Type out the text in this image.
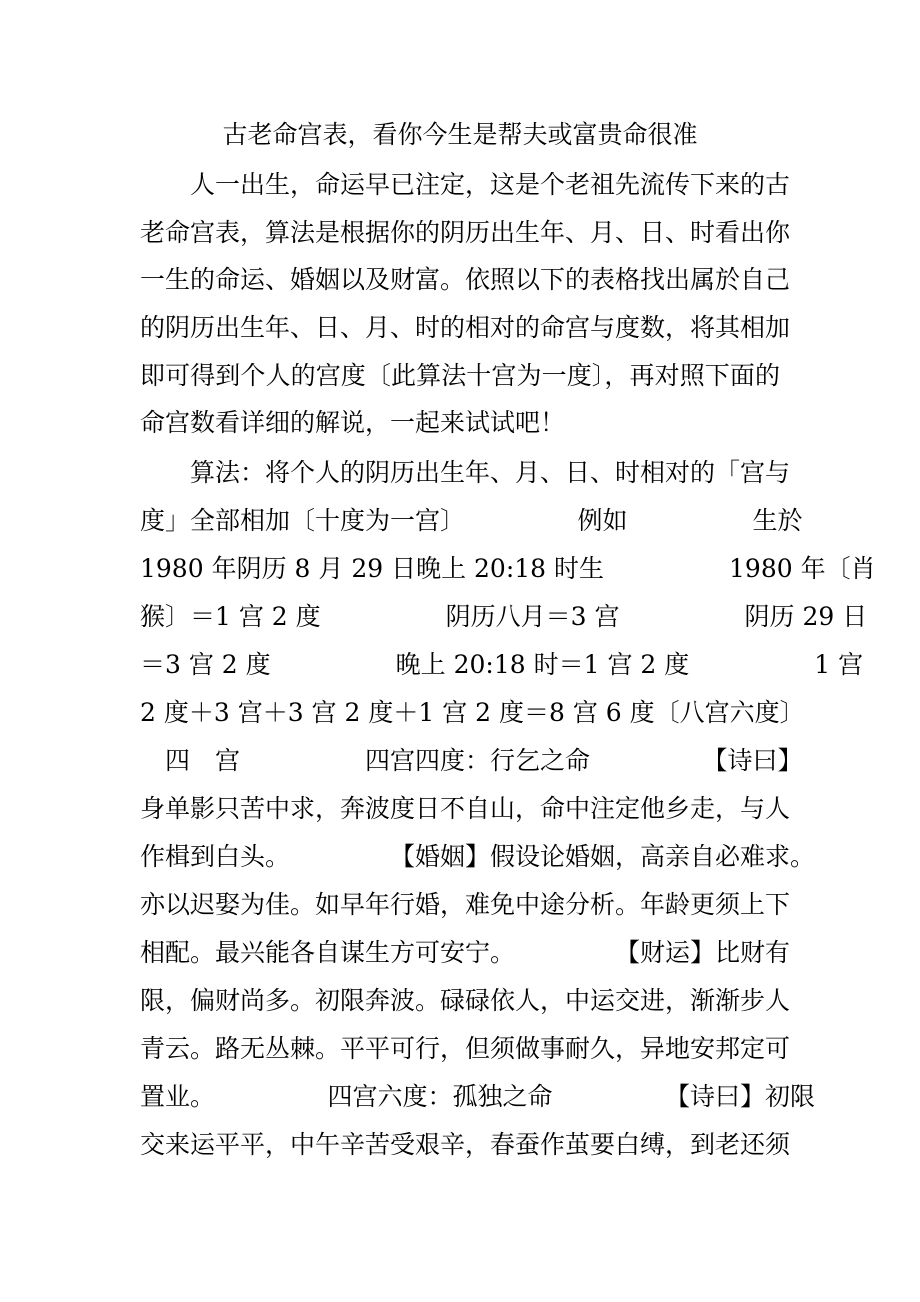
古老命宫表，看你今生是帮夫或富贵命很准
　　人一出生，命运早已注定，这是个老祖先流传下来的古
老命宫表，算法是根据你的阴历出生年、月、日、时看出你
一生的命运、婚姻以及财富。依照以下的表格找出属於自己
的阴历出生年、日、月、时的相对的命宫与度数，将其相加
即可得到个人的宫度〔此算法十宫为一度〕，再对照下面的
命宫数看详细的解说，一起来试试吧！
　　算法：将个人的阴历出生年、月、日、时相对的「宫与
度」全部相加〔十度为一宫〕　　　　　例如　　　　　生於
1980 年阴历 8 月 29 日晚上 20:18 时生　　　　　1980 年〔肖
猴〕＝1 宫 2 度　　　　　阴历八月＝3 宫　　　　　阴历 29 日
＝3 宫 2 度　　　　　晚上 20:18 时＝1 宫 2 度　　　　　1 宫
2 度＋3 宫＋3 宫 2 度＋1 宫 2 度＝8 宫 6 度〔八宫六度〕
　四　宫　　　　　四宫四度：行乞之命　　　　　【诗曰】
身单影只苦中求，奔波度日不自山，命中注定他乡走，与人
作楫到白头。　　　　　【婚姻】假设论婚姻，高亲自必难求。
亦以迟娶为佳。如早年行婚，难免中途分析。年龄更须上下
相配。最兴能各自谋生方可安宁。　　　　　【财运】比财有
限，偏财尚多。初限奔波。碌碌依人，中运交进，渐渐步人
青云。路无丛棘。平平可行，但须做事耐久，异地安邦定可
置业。　　　　　四宫六度：孤独之命　　　　　【诗曰】初限
交来运平平，中午辛苦受艰辛，春蚕作茧要白缚，到老还须
